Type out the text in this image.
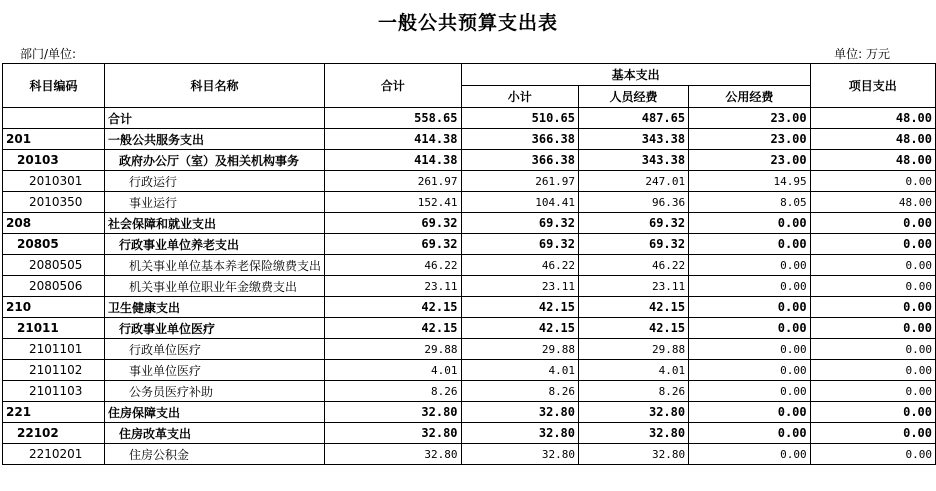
一般公共预算支出表
部门/单位:	单位: 万元
科目编码	科目名称	合计	基本支出			项目支出
			小计	人员经费	公用经费	
	合计	558.65	510.65	487.65	23.00	48.00
201	一般公共服务支出	414.38	366.38	343.38	23.00	48.00
20103	政府办公厅（室）及相关机构事务	414.38	366.38	343.38	23.00	48.00
2010301	行政运行	261.97	261.97	247.01	14.95	0.00
2010350	事业运行	152.41	104.41	96.36	8.05	48.00
208	社会保障和就业支出	69.32	69.32	69.32	0.00	0.00
20805	行政事业单位养老支出	69.32	69.32	69.32	0.00	0.00
2080505	机关事业单位基本养老保险缴费支出	46.22	46.22	46.22	0.00	0.00
2080506	机关事业单位职业年金缴费支出	23.11	23.11	23.11	0.00	0.00
210	卫生健康支出	42.15	42.15	42.15	0.00	0.00
21011	行政事业单位医疗	42.15	42.15	42.15	0.00	0.00
2101101	行政单位医疗	29.88	29.88	29.88	0.00	0.00
2101102	事业单位医疗	4.01	4.01	4.01	0.00	0.00
2101103	公务员医疗补助	8.26	8.26	8.26	0.00	0.00
221	住房保障支出	32.80	32.80	32.80	0.00	0.00
22102	住房改革支出	32.80	32.80	32.80	0.00	0.00
2210201	住房公积金	32.80	32.80	32.80	0.00	0.00
